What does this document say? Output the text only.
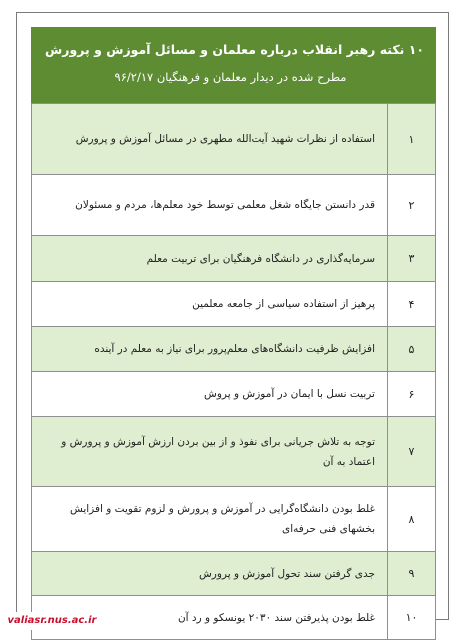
۱۰ نکته رهبر انقلاب درباره معلمان و مسائل آموزش و پرورش
مطرح شده در دیدار معلمان و فرهنگیان ۹۶/۲/۱۷
۱	استفاده از نظرات شهید آیت‌الله مطهری در مسائل آموزش و پرورش
۲	قدر دانستن جایگاه شغل معلمی توسط خود معلم‌ها، مردم و مسئولان
۳	سرمایه‌گذاری در دانشگاه فرهنگیان برای تربیت معلم
۴	پرهیز از استفاده سیاسی از جامعه معلمین
۵	افزایش ظرفیت دانشگاه‌های معلم‌پرور برای نیاز به معلم در آینده
۶	تربیت نسل با ایمان در آموزش و پروش
۷	توجه به تلاش جریانی برای نفوذ و از بین بردن ارزش آموزش و پرورش و اعتماد به آن
۸	غلط بودن دانشگاه‌گرایی در آموزش و پرورش و لزوم تقویت و افزایش بخشهای فنی حرفه‌ای
۹	جدی گرفتن سند تحول آموزش و پرورش
۱۰	غلط بودن پذیرفتن سند ۲۰۳۰ یونسکو و رد آن
valiasr.nus.ac.ir
